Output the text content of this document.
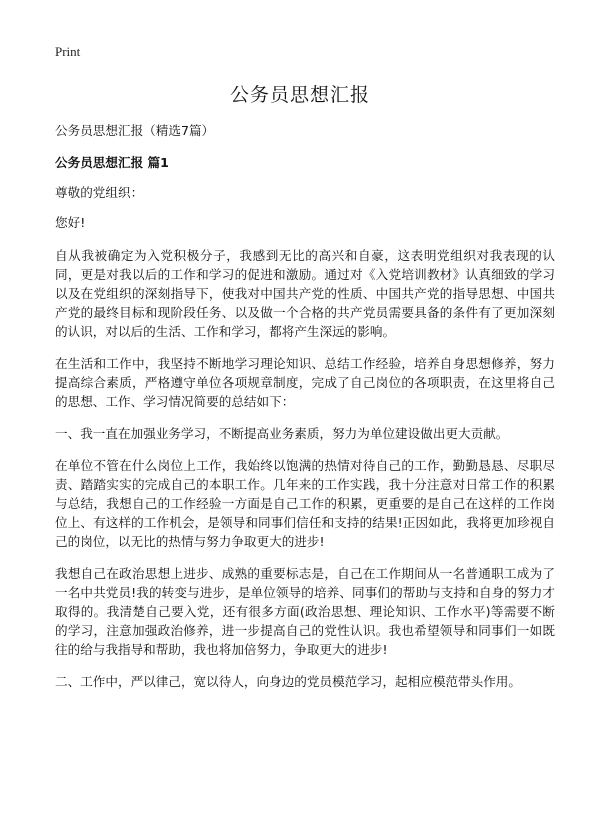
Print
公务员思想汇报

公务员思想汇报（精选7篇）

公务员思想汇报 篇1

尊敬的党组织：

您好!

自从我被确定为入党积极分子，我感到无比的高兴和自豪，这表明党组织对我表现的认同，更是对我以后的工作和学习的促进和激励。通过对《入党培训教材》认真细致的学习以及在党组织的深刻指导下，使我对中国共产党的性质、中国共产党的指导思想、中国共产党的最终目标和现阶段任务、以及做一个合格的共产党员需要具备的条件有了更加深刻的认识，对以后的生活、工作和学习，都将产生深远的影响。

在生活和工作中，我坚持不断地学习理论知识、总结工作经验，培养自身思想修养，努力提高综合素质，严格遵守单位各项规章制度，完成了自己岗位的各项职责，在这里将自己的思想、工作、学习情况简要的总结如下：

一、我一直在加强业务学习，不断提高业务素质，努力为单位建设做出更大贡献。

在单位不管在什么岗位上工作，我始终以饱满的热情对待自己的工作，勤勤恳恳、尽职尽责、踏踏实实的完成自己的本职工作。几年来的工作实践，我十分注意对日常工作的积累与总结，我想自己的工作经验一方面是自己工作的积累，更重要的是自己在这样的工作岗位上、有这样的工作机会，是领导和同事们信任和支持的结果!正因如此，我将更加珍视自己的岗位，以无比的热情与努力争取更大的进步!

我想自己在政治思想上进步、成熟的重要标志是，自己在工作期间从一名普通职工成为了一名中共党员!我的转变与进步，是单位领导的培养、同事们的帮助与支持和自身的努力才取得的。我清楚自己要入党，还有很多方面(政治思想、理论知识、工作水平)等需要不断的学习，注意加强政治修养，进一步提高自己的党性认识。我也希望领导和同事们一如既往的给与我指导和帮助，我也将加倍努力，争取更大的进步!

二、工作中，严以律己，宽以待人，向身边的党员模范学习，起相应模范带头作用。
